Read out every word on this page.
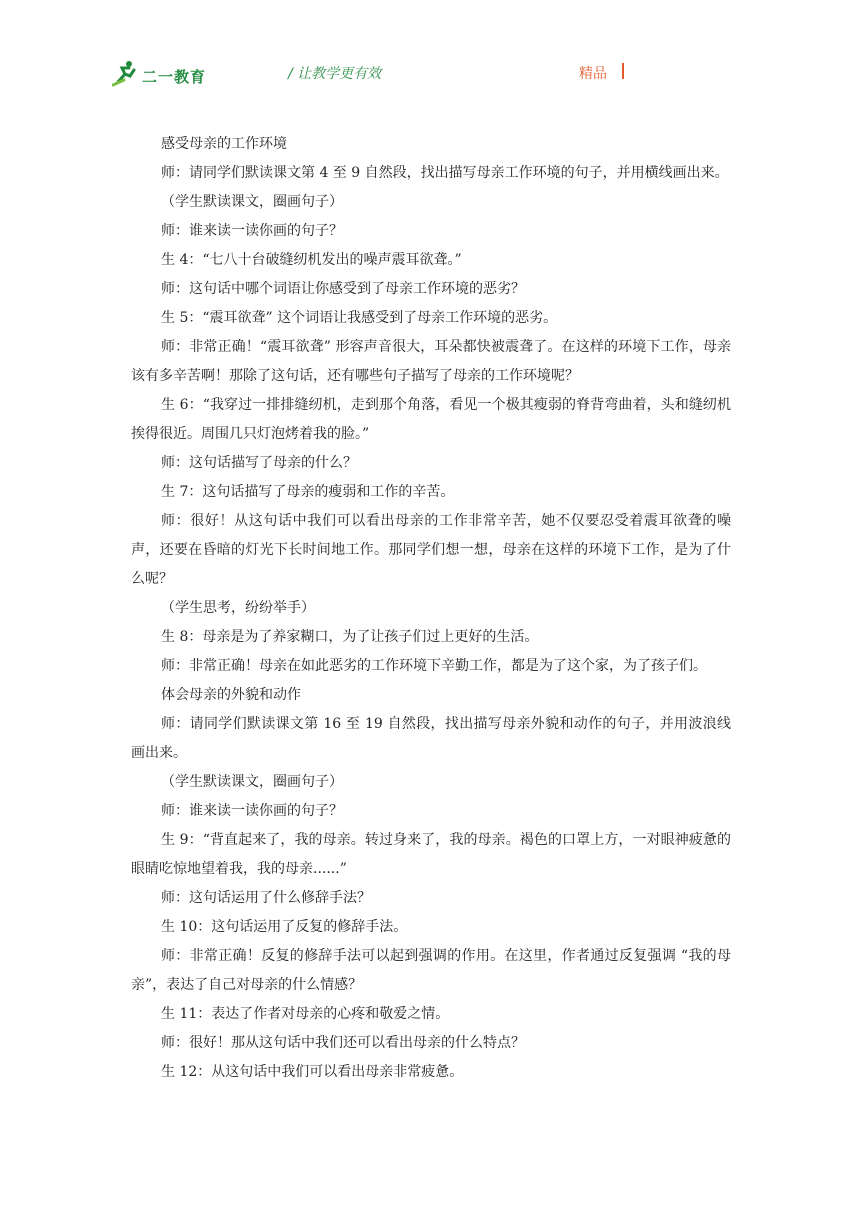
二一教育	/ 让教学更有效	精品

感受母亲的工作环境

师：请同学们默读课文第 4 至 9 自然段，找出描写母亲工作环境的句子，并用横线画出来。

（学生默读课文，圈画句子）

师：谁来读一读你画的句子？

生 4：“七八十台破缝纫机发出的噪声震耳欲聋。”

师：这句话中哪个词语让你感受到了母亲工作环境的恶劣？

生 5：“震耳欲聋” 这个词语让我感受到了母亲工作环境的恶劣。

师：非常正确！“震耳欲聋” 形容声音很大，耳朵都快被震聋了。在这样的环境下工作，母亲该有多辛苦啊！那除了这句话，还有哪些句子描写了母亲的工作环境呢？

生 6：“我穿过一排排缝纫机，走到那个角落，看见一个极其瘦弱的脊背弯曲着，头和缝纫机挨得很近。周围几只灯泡烤着我的脸。”

师：这句话描写了母亲的什么？

生 7：这句话描写了母亲的瘦弱和工作的辛苦。

师：很好！从这句话中我们可以看出母亲的工作非常辛苦，她不仅要忍受着震耳欲聋的噪声，还要在昏暗的灯光下长时间地工作。那同学们想一想，母亲在这样的环境下工作，是为了什么呢？

（学生思考，纷纷举手）

生 8：母亲是为了养家糊口，为了让孩子们过上更好的生活。

师：非常正确！母亲在如此恶劣的工作环境下辛勤工作，都是为了这个家，为了孩子们。

体会母亲的外貌和动作

师：请同学们默读课文第 16 至 19 自然段，找出描写母亲外貌和动作的句子，并用波浪线画出来。

（学生默读课文，圈画句子）

师：谁来读一读你画的句子？

生 9：“背直起来了，我的母亲。转过身来了，我的母亲。褐色的口罩上方，一对眼神疲惫的眼睛吃惊地望着我，我的母亲......”

师：这句话运用了什么修辞手法？

生 10：这句话运用了反复的修辞手法。

师：非常正确！反复的修辞手法可以起到强调的作用。在这里，作者通过反复强调 “我的母亲”，表达了自己对母亲的什么情感？

生 11：表达了作者对母亲的心疼和敬爱之情。

师：很好！那从这句话中我们还可以看出母亲的什么特点？

生 12：从这句话中我们可以看出母亲非常疲惫。
